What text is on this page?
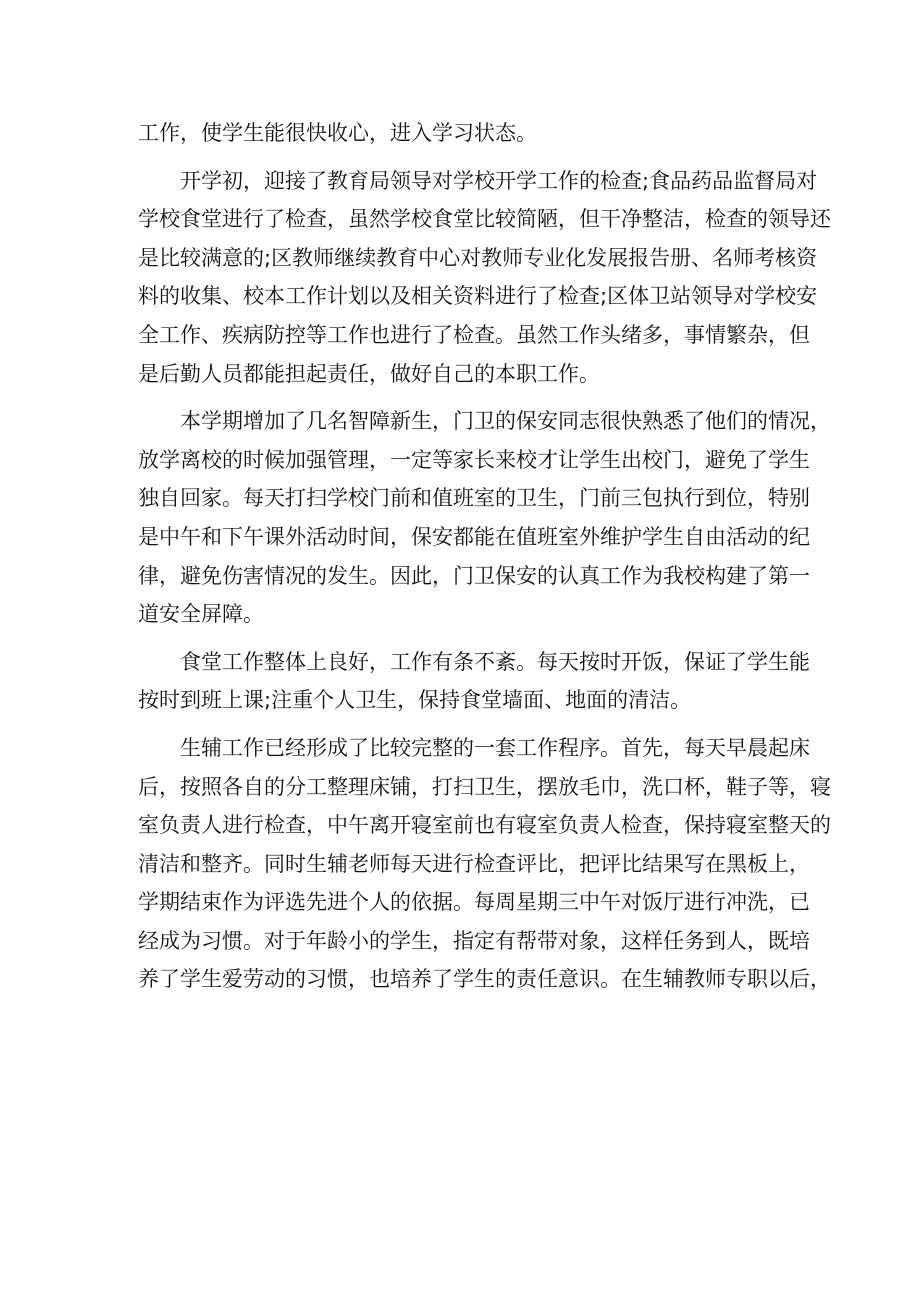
工作，使学生能很快收心，进入学习状态。
开学初，迎接了教育局领导对学校开学工作的检查;食品药品监督局对
学校食堂进行了检查，虽然学校食堂比较简陋，但干净整洁，检查的领导还
是比较满意的;区教师继续教育中心对教师专业化发展报告册、名师考核资
料的收集、校本工作计划以及相关资料进行了检查;区体卫站领导对学校安
全工作、疾病防控等工作也进行了检查。虽然工作头绪多，事情繁杂，但
是后勤人员都能担起责任，做好自己的本职工作。
本学期增加了几名智障新生，门卫的保安同志很快熟悉了他们的情况，
放学离校的时候加强管理，一定等家长来校才让学生出校门，避免了学生
独自回家。每天打扫学校门前和值班室的卫生，门前三包执行到位，特别
是中午和下午课外活动时间，保安都能在值班室外维护学生自由活动的纪
律，避免伤害情况的发生。因此，门卫保安的认真工作为我校构建了第一
道安全屏障。
食堂工作整体上良好，工作有条不紊。每天按时开饭，保证了学生能
按时到班上课;注重个人卫生，保持食堂墙面、地面的清洁。
生辅工作已经形成了比较完整的一套工作程序。首先，每天早晨起床
后，按照各自的分工整理床铺，打扫卫生，摆放毛巾，洗口杯，鞋子等，寝
室负责人进行检查，中午离开寝室前也有寝室负责人检查，保持寝室整天的
清洁和整齐。同时生辅老师每天进行检查评比，把评比结果写在黑板上，
学期结束作为评选先进个人的依据。每周星期三中午对饭厅进行冲洗，已
经成为习惯。对于年龄小的学生，指定有帮带对象，这样任务到人，既培
养了学生爱劳动的习惯，也培养了学生的责任意识。在生辅教师专职以后，
